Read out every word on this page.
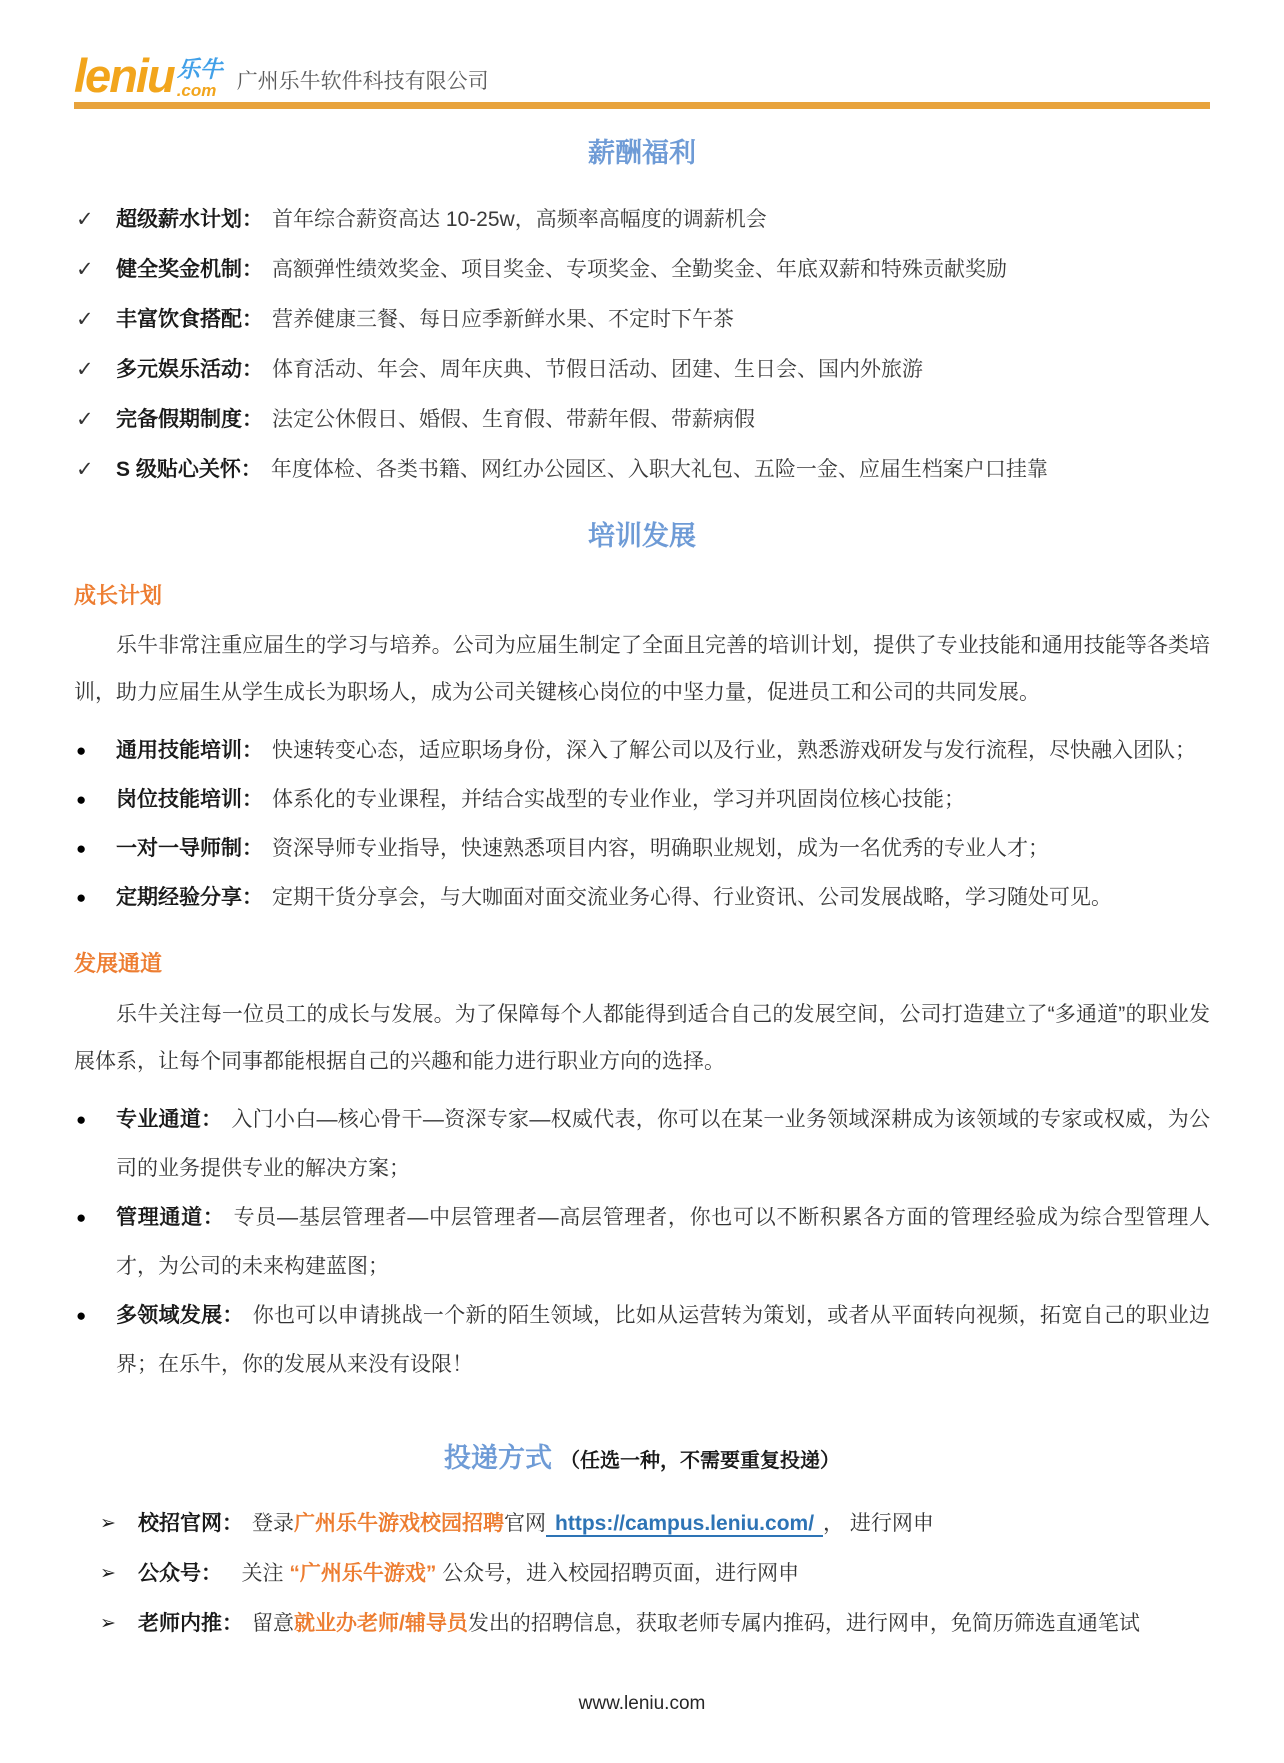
leniu 乐牛
.com 广州乐牛软件科技有限公司
薪酬福利
✓ 超级薪水计划： 首年综合薪资高达 10-25w，高频率高幅度的调薪机会
✓ 健全奖金机制： 高额弹性绩效奖金、项目奖金、专项奖金、全勤奖金、年底双薪和特殊贡献奖励
✓ 丰富饮食搭配： 营养健康三餐、每日应季新鲜水果、不定时下午茶
✓ 多元娱乐活动： 体育活动、年会、周年庆典、节假日活动、团建、生日会、国内外旅游
✓ 完备假期制度： 法定公休假日、婚假、生育假、带薪年假、带薪病假
✓ S 级贴心关怀： 年度体检、各类书籍、网红办公园区、入职大礼包、五险一金、应届生档案户口挂靠
培训发展
成长计划
乐牛非常注重应届生的学习与培养。公司为应届生制定了全面且完善的培训计划，提供了专业技能和通用技能等各类培训，助力应届生从学生成长为职场人，成为公司关键核心岗位的中坚力量，促进员工和公司的共同发展。
● 通用技能培训： 快速转变心态，适应职场身份，深入了解公司以及行业，熟悉游戏研发与发行流程，尽快融入团队；
● 岗位技能培训： 体系化的专业课程，并结合实战型的专业作业，学习并巩固岗位核心技能；
● 一对一导师制： 资深导师专业指导，快速熟悉项目内容，明确职业规划，成为一名优秀的专业人才；
● 定期经验分享： 定期干货分享会，与大咖面对面交流业务心得、行业资讯、公司发展战略，学习随处可见。
发展通道
乐牛关注每一位员工的成长与发展。为了保障每个人都能得到适合自己的发展空间，公司打造建立了“多通道”的职业发展体系，让每个同事都能根据自己的兴趣和能力进行职业方向的选择。
● 专业通道： 入门小白—核心骨干—资深专家—权威代表，你可以在某一业务领域深耕成为该领域的专家或权威，为公司的业务提供专业的解决方案；
● 管理通道： 专员—基层管理者—中层管理者—高层管理者，你也可以不断积累各方面的管理经验成为综合型管理人才，为公司的未来构建蓝图；
● 多领域发展： 你也可以申请挑战一个新的陌生领域，比如从运营转为策划，或者从平面转向视频，拓宽自己的职业边界；在乐牛，你的发展从来没有设限！
投递方式 （任选一种，不需要重复投递）
➢ 校招官网： 登录广州乐牛游戏校园招聘官网 https://campus.leniu.com/ ， 进行网申
➢ 公众号：　关注 “广州乐牛游戏” 公众号，进入校园招聘页面，进行网申
➢ 老师内推： 留意就业办老师/辅导员发出的招聘信息，获取老师专属内推码，进行网申，免简历筛选直通笔试
www.leniu.com
